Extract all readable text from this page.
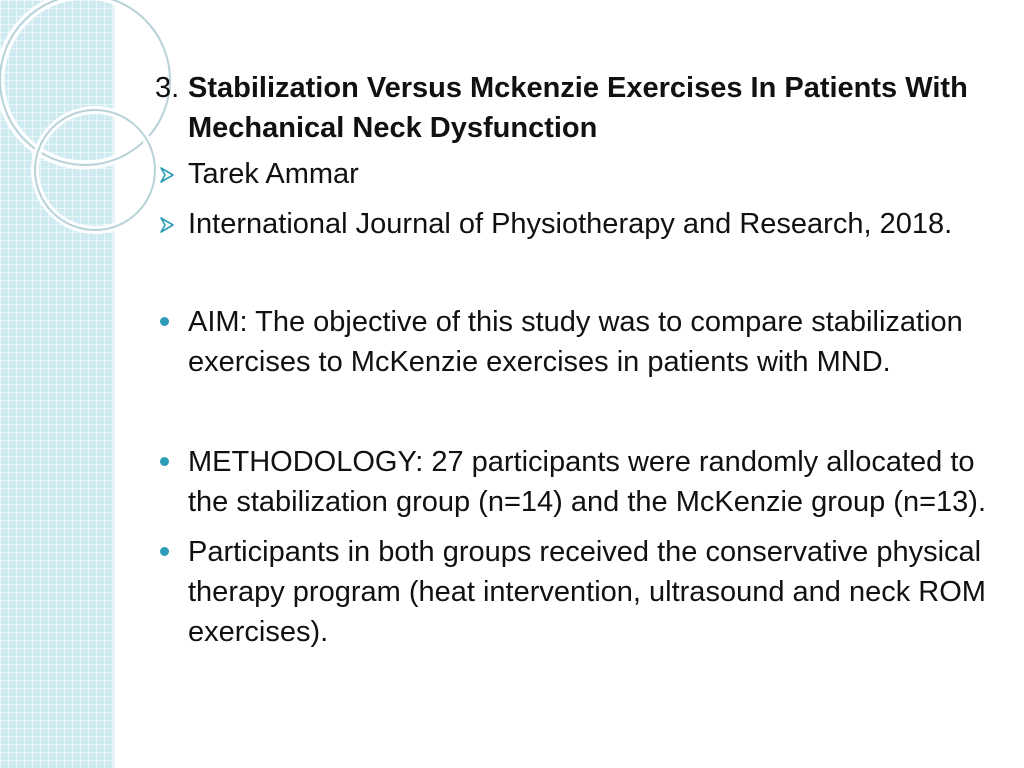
3. Stabilization Versus Mckenzie Exercises In Patients With Mechanical Neck Dysfunction
Tarek Ammar
International Journal of Physiotherapy and Research, 2018.
AIM: The objective of this study was to compare stabilization exercises to McKenzie exercises in patients with MND.
METHODOLOGY: 27 participants were randomly allocated to the stabilization group (n=14) and the McKenzie group (n=13).
Participants in both groups received the conservative physical therapy program (heat intervention, ultrasound and neck ROM exercises).
